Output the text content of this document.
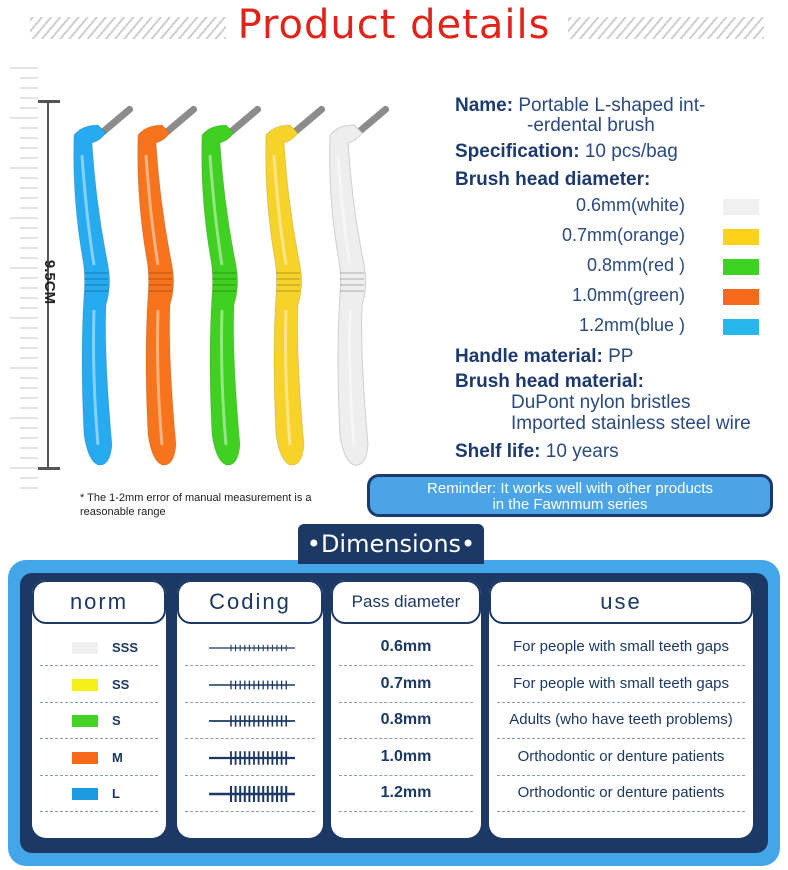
Product details
9.5CM
* The 1-2mm error of manual measurement is a reasonable range
Name: Portable L-shaped int-
-erdental brush
Specification: 10 pcs/bag
Brush head diameter:
0.6mm(white)
0.7mm(orange)
0.8mm(red )
1.0mm(green)
1.2mm(blue )
Handle material: PP
Brush head material:
DuPont nylon bristles
Imported stainless steel wire
Shelf life: 10 years
Reminder: It works well with other products
in the Fawnmum series
•Dimensions•
norm
SSS
SS
S
M
L
Coding	Pass diameter
0.6mm
0.7mm
0.8mm
1.0mm
1.2mm
use
For people with small teeth gaps
For people with small teeth gaps
Adults (who have teeth problems)
Orthodontic or denture patients
Orthodontic or denture patients
